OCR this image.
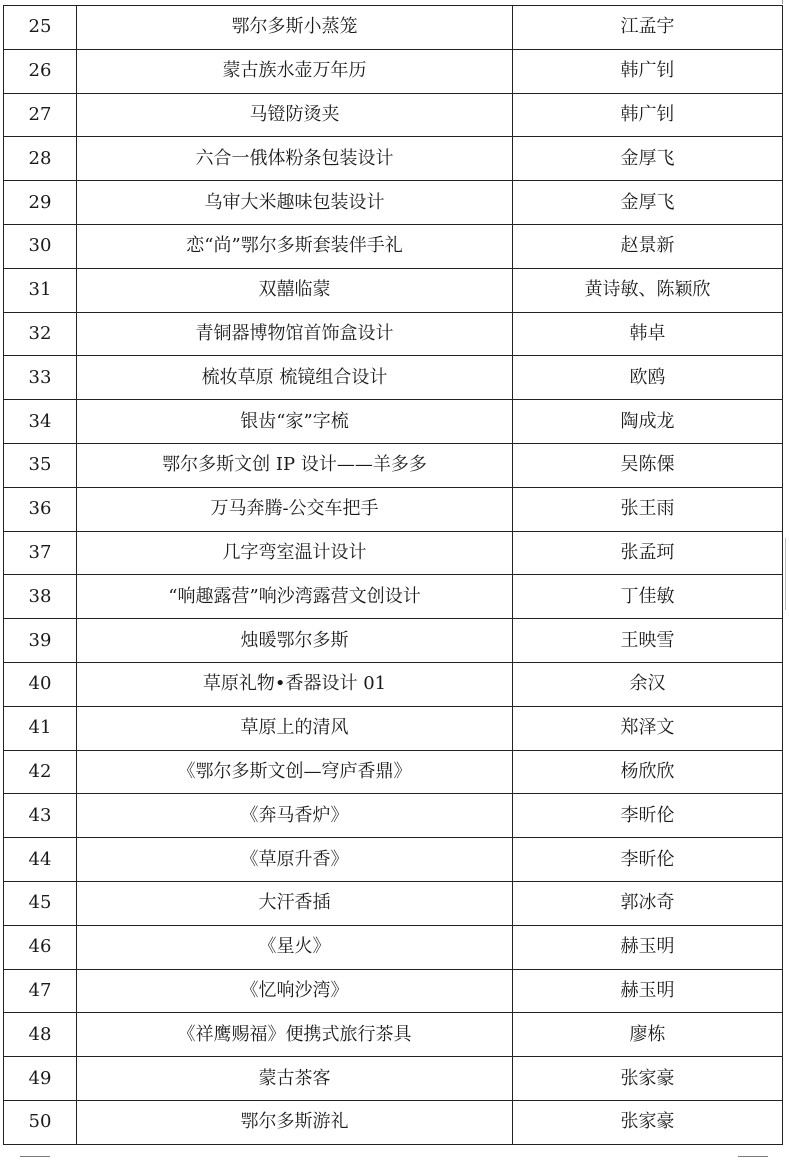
25	鄂尔多斯小蒸笼	江孟宇
26	蒙古族水壶万年历	韩广钊
27	马镫防烫夹	韩广钊
28	六合一俄体粉条包装设计	金厚飞
29	乌审大米趣味包装设计	金厚飞
30	恋“尚”鄂尔多斯套装伴手礼	赵景新
31	双囍临蒙	黄诗敏、陈颖欣
32	青铜器博物馆首饰盒设计	韩卓
33	梳妆草原 梳镜组合设计	欧鸥
34	银齿“家”字梳	陶成龙
35	鄂尔多斯文创 IP 设计——羊多多	吴陈傈
36	万马奔腾-公交车把手	张王雨
37	几字弯室温计设计	张孟珂
38	“响趣露营”响沙湾露营文创设计	丁佳敏
39	烛暖鄂尔多斯	王映雪
40	草原礼物•香器设计 01	余汉
41	草原上的清风	郑泽文
42	《鄂尔多斯文创—穹庐香鼎》	杨欣欣
43	《奔马香炉》	李昕伦
44	《草原升香》	李昕伦
45	大汗香插	郭冰奇
46	《星火》	赫玉明
47	《忆响沙湾》	赫玉明
48	《祥鹰赐福》便携式旅行茶具	廖栋
49	蒙古茶客	张家豪
50	鄂尔多斯游礼	张家豪
